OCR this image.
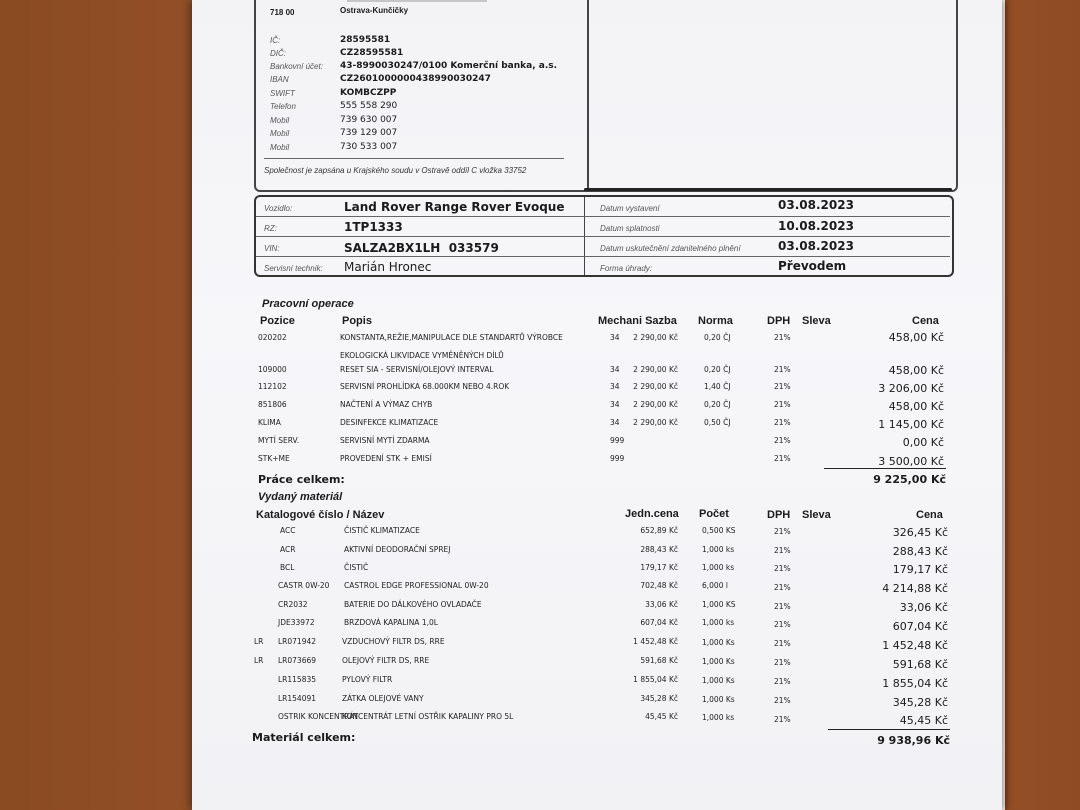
718 00	Ostrava-Kunčičky
IČ:	28595581
DIČ:	CZ28595581
Bankovní účet: 43-8990030247/0100 Komerční banka, a.s.
IBAN	CZ2601000000438990030247
SWIFT	KOMBCZPP
Telefon	555 558 290
Mobil	739 630 007
Mobil	739 129 007
Mobil	730 533 007
Společnost je zapsána u Krajského soudu v Ostravě oddíl C vložka 33752
Vozidlo:	Land Rover Range Rover Evoque
RZ:	1TP1333
VIN:	SALZA2BX1LH  033579
Servisní technik: Marián Hronec
Datum vystavení	03.08.2023
Datum splatnosti	10.08.2023
Datum uskutečnění zdanitelného plnění	03.08.2023
Forma úhrady:	Převodem
Pracovní operace
Pozice	Popis	Mechani Sazba Norma	DPH Sleva	Cena
020202	KONSTANTA,REŽIE,MANIPULACE DLE STANDARTŮ VÝROBCE	34	2 290,00 Kč	0,20 ČJ	21%	458,00 Kč
EKOLOGICKÁ LIKVIDACE VYMĚNĚNÝCH DÍLŮ
109000	RESET SIA - SERVISNÍ/OLEJOVÝ INTERVAL	34	2 290,00 Kč	0,20 ČJ	21%	458,00 Kč
112102	SERVISNÍ PROHLÍDKA 68.000KM NEBO 4.ROK	34	2 290,00 Kč	1,40 ČJ	21%	3 206,00 Kč
851806	NAČTENÍ A VÝMAZ CHYB	34	2 290,00 Kč	0,20 ČJ	21%	458,00 Kč
KLIMA	DESINFEKCE KLIMATIZACE	34	2 290,00 Kč	0,50 ČJ	21%	1 145,00 Kč
MYTÍ SERV.	SERVISNÍ MYTÍ ZDARMA	999	21%	0,00 Kč
STK+ME	PROVEDENÍ STK + EMISÍ	999	21%	3 500,00 Kč
Práce celkem:	9 225,00 Kč
Vydaný materiál
Katalogové číslo / Název	Jedn.cena Počet	DPH Sleva	Cena
ACC	ČISTIČ KLIMATIZACE	652,89 Kč	0,500 KS	21%	326,45 Kč
ACR	AKTIVNÍ DEODORAČNÍ SPREJ	288,43 Kč	1,000 ks	21%	288,43 Kč
BCL	ČISTIČ	179,17 Kč	1,000 ks	21%	179,17 Kč
CASTR 0W-20 CASTROL EDGE PROFESSIONAL 0W-20	702,48 Kč	6,000 l	21%	4 214,88 Kč
CR2032	BATERIE DO DÁLKOVÉHO OVLADAČE	33,06 Kč	1,000 KS	21%	33,06 Kč
JDE33972	BRZDOVÁ KAPALINA 1,0L	607,04 Kč	1,000 ks	21%	607,04 Kč
LR LR071942	VZDUCHOVÝ FILTR DS, RRE	1 452,48 Kč	1,000 Ks	21%	1 452,48 Kč
LR LR073669	OLEJOVÝ FILTR DS, RRE	591,68 Kč	1,000 Ks	21%	591,68 Kč
LR115835	PYLOVÝ FILTR	1 855,04 Kč	1,000 Ks	21%	1 855,04 Kč
LR154091	ZÁTKA OLEJOVÉ VANY	345,28 Kč	1,000 Ks	21%	345,28 Kč
OSTRIK KONCENTRÁT
KONCENTRÁT LETNÍ OSTŘIK KAPALINY PRO 5L	45,45 Kč	1,000 ks	21%	45,45 Kč
Materiál celkem:	9 938,96 Kč
